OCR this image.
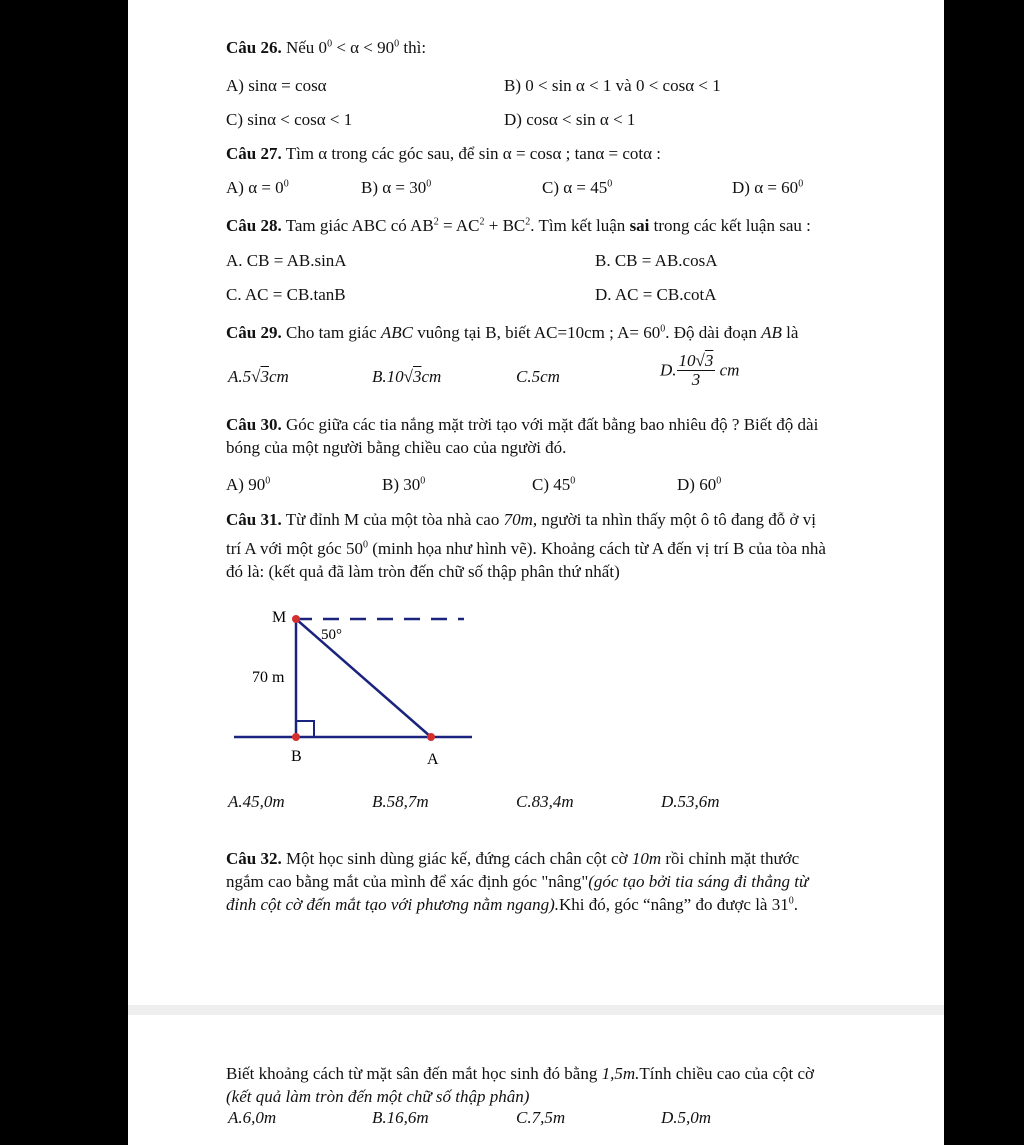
Câu 26. Nếu $0^0 < \alpha < 90^0$ thì:
A) sinα = cosα	B) 0 < sin α < 1 và 0 < cosα < 1
C) sinα < cosα < 1	D) cosα < sin α < 1
Câu 27. Tìm α trong các góc sau, để sin α = cosα ; tanα = cotα :
A) $\alpha = 0^0$	B) $\alpha = 30^0$	C) $\alpha = 45^0$	D) $\alpha = 60^0$
Câu 28. Tam giác ABC có $AB^2 = AC^2 + BC^2$. Tìm kết luận sai trong các kết luận sau :
A. CB = AB.sinA	B. CB = AB.cosA
C. AC = CB.tanB	D. AC = CB.cotA
Câu 29. Cho tam giác ABC vuông tại B, biết AC=10cm ; $A= 60^0$. Độ dài đoạn AB là
A.5√3cm	B.10√3cm	C.5cm	D. $\frac{10√3}{3}$ cm
Câu 30. Góc giữa các tia nắng mặt trời tạo với mặt đất bằng bao nhiêu độ ? Biết độ dài
bóng của một người bằng chiều cao của người đó.
A) $90^0$	B) $30^0$	C) $45^0$	D) $60^0$
Câu 31. Từ đỉnh M của một tòa nhà cao 70m, người ta nhìn thấy một ô tô đang đỗ ở vị
trí A với một góc $50^0$ (minh họa như hình vẽ). Khoảng cách từ A đến vị trí B của tòa nhà
đó là: (kết quả đã làm tròn đến chữ số thập phân thứ nhất)
M
B	A
70 m
50°
A.45,0m	B.58,7m	C.83,4m	D.53,6m
Câu 32. Một học sinh dùng giác kế, đứng cách chân cột cờ 10m rồi chỉnh mặt thước
ngắm cao bằng mắt của mình để xác định góc "nâng"(góc tạo bởi tia sáng đi thẳng từ
đỉnh cột cờ đến mắt tạo với phương nằm ngang).Khi đó, góc “nâng” đo được là $31^0$.
Biết khoảng cách từ mặt sân đến mắt học sinh đó bằng 1,5m.Tính chiều cao của cột cờ
(kết quả làm tròn đến một chữ số thập phân)
A.6,0m	B.16,6m	C.7,5m	D.5,0m
